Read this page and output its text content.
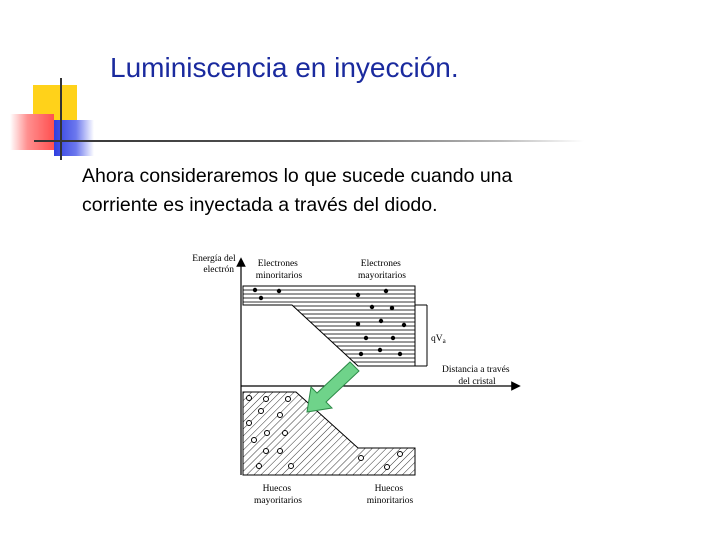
Luminiscencia en inyección.
Ahora consideraremos lo que sucede cuando una
corriente es inyectada a través del diodo.
Energía del electrón
Electrones minoritarios
Electrones mayoritarios
$qV_a$
Distancia a través del cristal
Huecos mayoritarios
Huecos minoritarios
